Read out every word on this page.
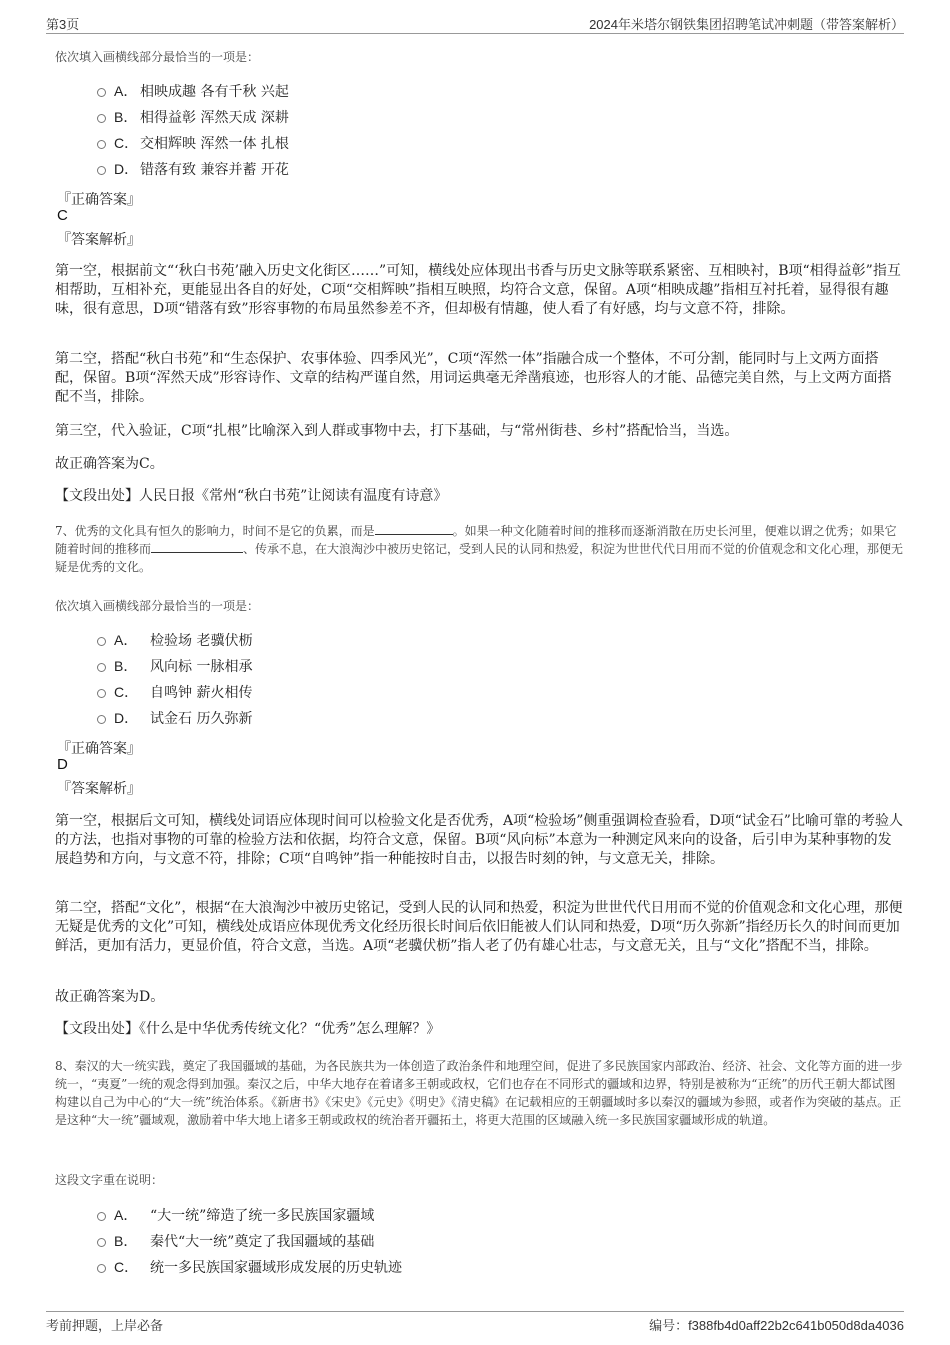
第3页	2024年米塔尔钢铁集团招聘笔试冲刺题（带答案解析）
依次填入画横线部分最恰当的一项是：
A． 相映成趣 各有千秋 兴起
B． 相得益彰 浑然天成 深耕
C． 交相辉映 浑然一体 扎根
D． 错落有致 兼容并蓄 开花
『正确答案』
C
『答案解析』
第一空，根据前文“‘秋白书苑’融入历史文化街区……”可知，横线处应体现出书香与历史文脉等联系紧密、互相映衬，B项“相得益彰”指互相帮助，互相补充，更能显出各自的好处，C项“交相辉映”指相互映照，均符合文意，保留。A项“相映成趣”指相互衬托着，显得很有趣味，很有意思，D项“错落有致”形容事物的布局虽然参差不齐，但却极有情趣，使人看了有好感，均与文意不符，排除。
第二空，搭配“秋白书苑”和“生态保护、农事体验、四季风光”，C项“浑然一体”指融合成一个整体，不可分割，能同时与上文两方面搭配，保留。B项“浑然天成”形容诗作、文章的结构严谨自然，用词运典毫无斧凿痕迹，也形容人的才能、品德完美自然，与上文两方面搭配不当，排除。
第三空，代入验证，C项“扎根”比喻深入到人群或事物中去，打下基础，与“常州街巷、乡村”搭配恰当，当选。
故正确答案为C。
【文段出处】人民日报《常州“秋白书苑”让阅读有温度有诗意》
7、优秀的文化具有恒久的影响力，时间不是它的负累，而是	。如果一种文化随着时间的推移而逐渐消散在历史长河里，便难以谓之优秀；如果它随着时间的推移而	、传承不息，在大浪淘沙中被历史铭记，受到人民的认同和热爱，积淀为世世代代日用而不觉的价值观念和文化心理，那便无疑是优秀的文化。
依次填入画横线部分最恰当的一项是：
A． 检验场 老骥伏枥
B． 风向标 一脉相承
C． 自鸣钟 薪火相传
D． 试金石 历久弥新
『正确答案』
D
『答案解析』
第一空，根据后文可知，横线处词语应体现时间可以检验文化是否优秀，A项“检验场”侧重强调检查验看，D项“试金石”比喻可靠的考验人的方法，也指对事物的可靠的检验方法和依据，均符合文意，保留。B项“风向标”本意为一种测定风来向的设备，后引申为某种事物的发展趋势和方向，与文意不符，排除；C项“自鸣钟”指一种能按时自击，以报告时刻的钟，与文意无关，排除。
第二空，搭配“文化”，根据“在大浪淘沙中被历史铭记，受到人民的认同和热爱，积淀为世世代代日用而不觉的价值观念和文化心理，那便无疑是优秀的文化”可知，横线处成语应体现优秀文化经历很长时间后依旧能被人们认同和热爱，D项“历久弥新”指经历长久的时间而更加鲜活，更加有活力，更显价值，符合文意，当选。A项“老骥伏枥”指人老了仍有雄心壮志，与文意无关，且与“文化”搭配不当，排除。
故正确答案为D。
【文段出处】《什么是中华优秀传统文化？“优秀”怎么理解？》
8、秦汉的大一统实践，奠定了我国疆域的基础，为各民族共为一体创造了政治条件和地理空间，促进了多民族国家内部政治、经济、社会、文化等方面的进一步统一，“夷夏”一统的观念得到加强。秦汉之后，中华大地存在着诸多王朝或政权，它们也存在不同形式的疆域和边界，特别是被称为“正统”的历代王朝大都试图构建以自己为中心的“大一统”统治体系。《新唐书》《宋史》《元史》《明史》《清史稿》在记载相应的王朝疆域时多以秦汉的疆域为参照，或者作为突破的基点。正是这种“大一统”疆域观，激励着中华大地上诸多王朝或政权的统治者开疆拓土，将更大范围的区域融入统一多民族国家疆域形成的轨道。
这段文字重在说明：
A． “大一统”缔造了统一多民族国家疆域
B． 秦代“大一统”奠定了我国疆域的基础
C． 统一多民族国家疆域形成发展的历史轨迹
考前押题，上岸必备	编号：f388fb4d0aff22b2c641b050d8da4036
